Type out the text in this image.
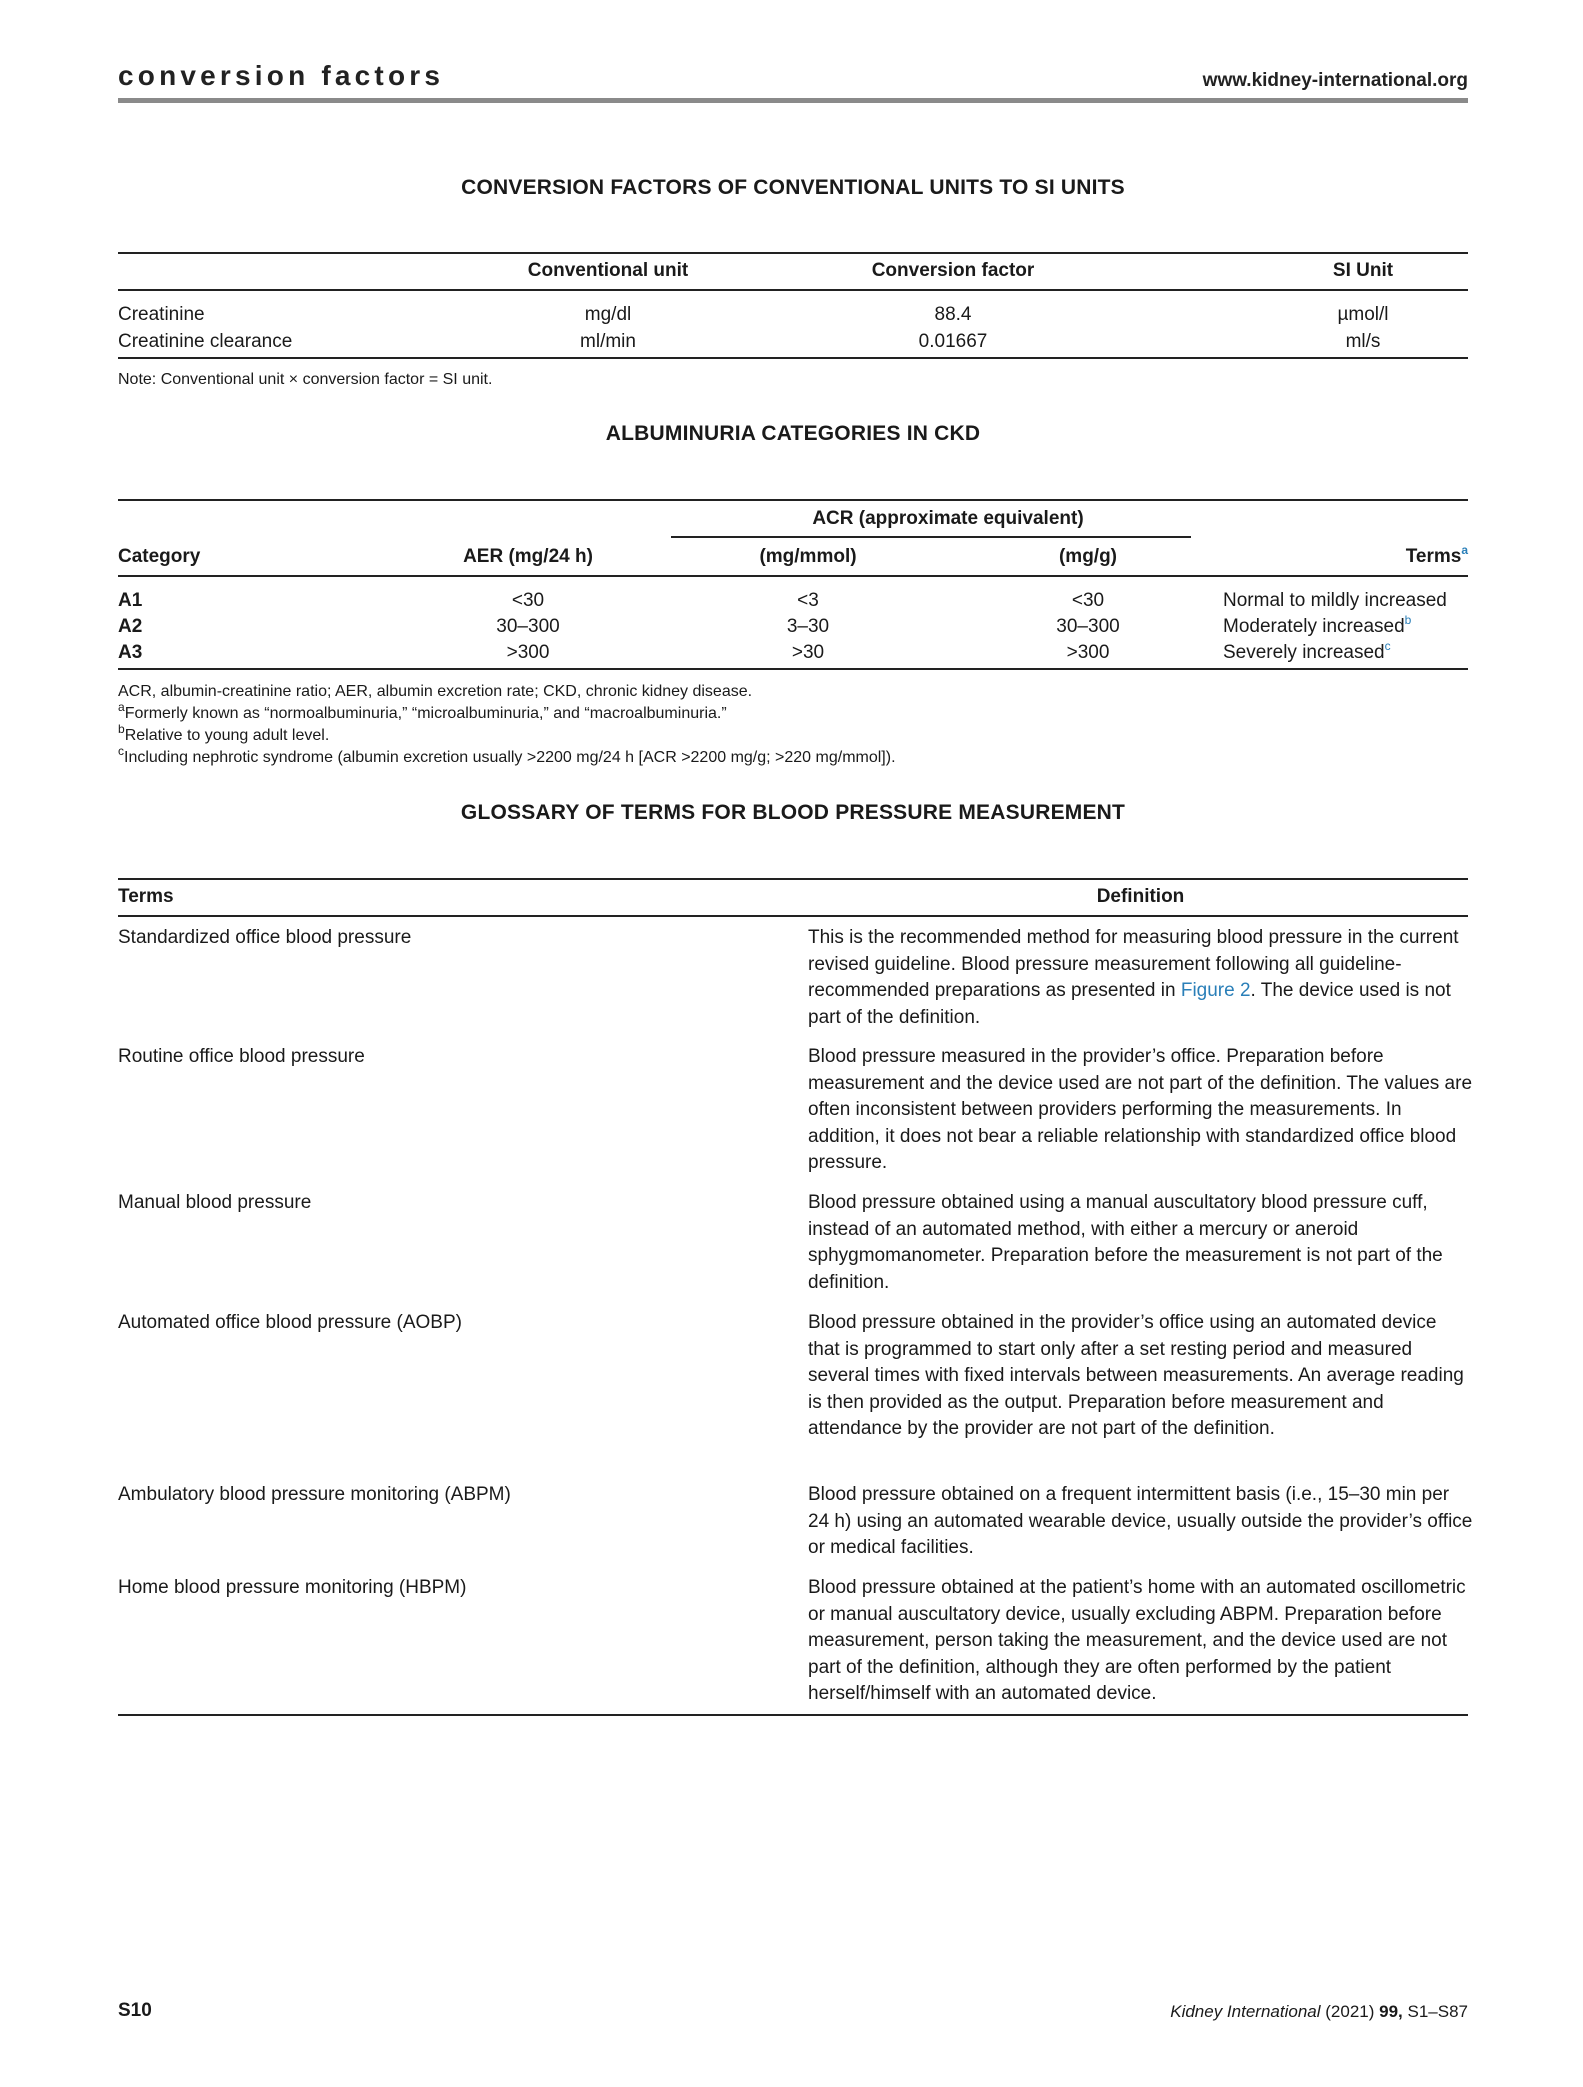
conversion factors	www.kidney-international.org
CONVERSION FACTORS OF CONVENTIONAL UNITS TO SI UNITS
Conventional unit	Conversion factor	SI Unit
Creatinine	mg/dl	88.4	µmol/l
Creatinine clearance	ml/min	0.01667	ml/s
Note: Conventional unit × conversion factor = SI unit.
ALBUMINURIA CATEGORIES IN CKD
ACR (approximate equivalent)
Category	AER (mg/24 h)	(mg/mmol)	(mg/g)	Terms$^a$
A1	<30	<3	<30	Normal to mildly increased
A2	30–300	3–30	30–300	Moderately increased$^b$
A3	>300	>30	>300	Severely increased$^c$
ACR, albumin-creatinine ratio; AER, albumin excretion rate; CKD, chronic kidney disease.
$^a$Formerly known as “normoalbuminuria,” “microalbuminuria,” and “macroalbuminuria.”
$^b$Relative to young adult level.
$^c$Including nephrotic syndrome (albumin excretion usually >2200 mg/24 h [ACR >2200 mg/g; >220 mg/mmol]).
GLOSSARY OF TERMS FOR BLOOD PRESSURE MEASUREMENT
Terms	Definition
Standardized office blood pressure	This is the recommended method for measuring blood pressure in the current revised guideline. Blood pressure measurement following all guideline-recommended preparations as presented in Figure 2. The device used is not part of the definition.
Routine office blood pressure	Blood pressure measured in the provider’s office. Preparation before measurement and the device used are not part of the definition. The values are often inconsistent between providers performing the measurements. In addition, it does not bear a reliable relationship with standardized office blood pressure.
Manual blood pressure	Blood pressure obtained using a manual auscultatory blood pressure cuff, instead of an automated method, with either a mercury or aneroid sphygmomanometer. Preparation before the measurement is not part of the definition.
Automated office blood pressure (AOBP)	Blood pressure obtained in the provider’s office using an automated device that is programmed to start only after a set resting period and measured several times with fixed intervals between measurements. An average reading is then provided as the output. Preparation before measurement and attendance by the provider are not part of the definition.
Ambulatory blood pressure monitoring (ABPM)	Blood pressure obtained on a frequent intermittent basis (i.e., 15–30 min per 24 h) using an automated wearable device, usually outside the provider’s office or medical facilities.
Home blood pressure monitoring (HBPM)	Blood pressure obtained at the patient’s home with an automated oscillometric or manual auscultatory device, usually excluding ABPM. Preparation before measurement, person taking the measurement, and the device used are not part of the definition, although they are often performed by the patient herself/himself with an automated device.
S10	Kidney International (2021) 99, S1–S87
